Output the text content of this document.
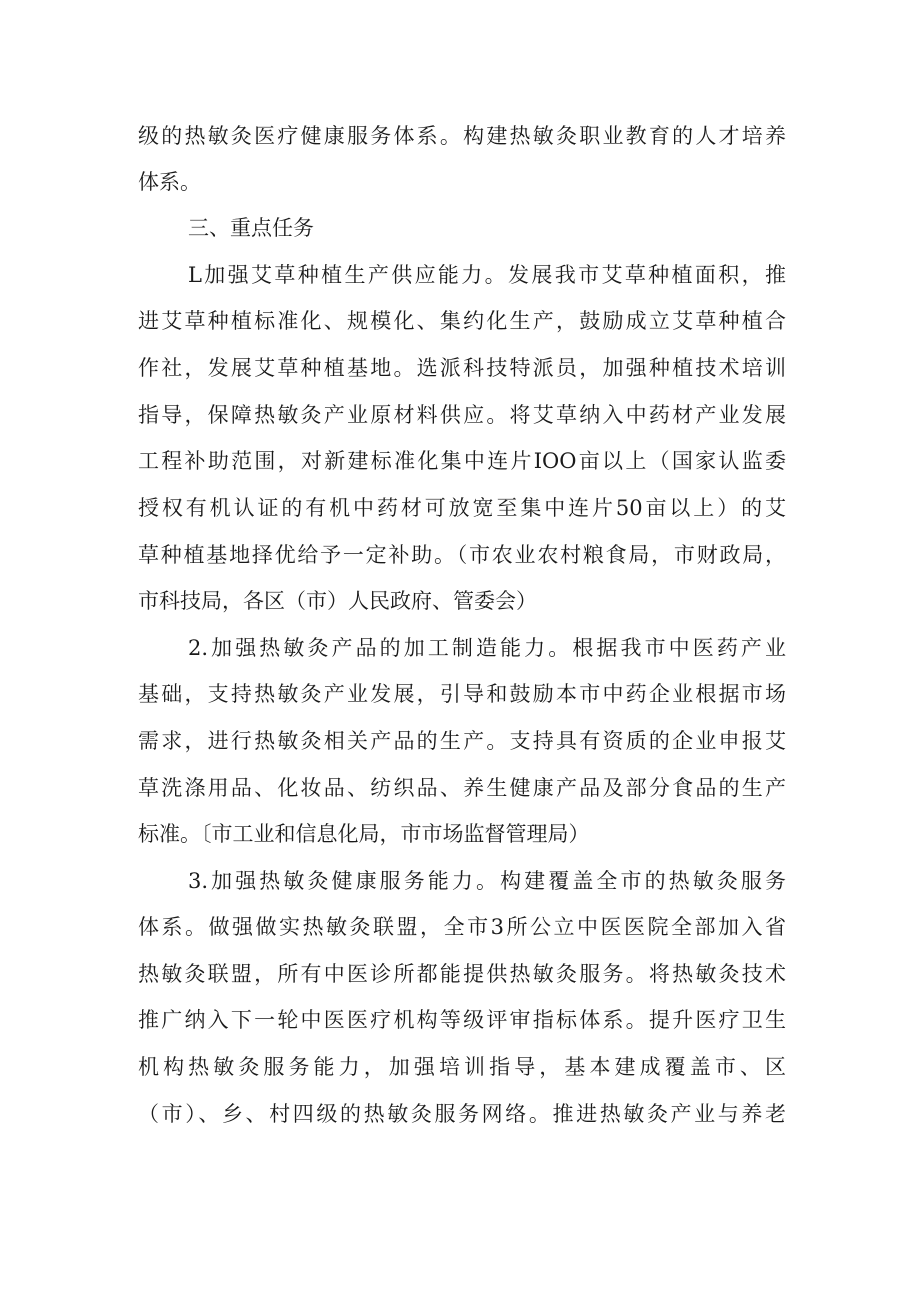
级的热敏灸医疗健康服务体系。构建热敏灸职业教育的人才培养
体系。
三、重点任务
L加强艾草种植生产供应能力。发展我市艾草种植面积，推
进艾草种植标准化、规模化、集约化生产，鼓励成立艾草种植合
作社，发展艾草种植基地。选派科技特派员，加强种植技术培训
指导，保障热敏灸产业原材料供应。将艾草纳入中药材产业发展
工程补助范围，对新建标准化集中连片IOO亩以上（国家认监委
授权有机认证的有机中药材可放宽至集中连片50亩以上）的艾
草种植基地择优给予一定补助。（市农业农村粮食局，市财政局，
市科技局，各区（市）人民政府、管委会）
2.加强热敏灸产品的加工制造能力。根据我市中医药产业
基础，支持热敏灸产业发展，引导和鼓励本市中药企业根据市场
需求，进行热敏灸相关产品的生产。支持具有资质的企业申报艾
草洗涤用品、化妆品、纺织品、养生健康产品及部分食品的生产
标准。〔市工业和信息化局，市市场监督管理局）
3.加强热敏灸健康服务能力。构建覆盖全市的热敏灸服务
体系。做强做实热敏灸联盟，全市3所公立中医医院全部加入省
热敏灸联盟，所有中医诊所都能提供热敏灸服务。将热敏灸技术
推广纳入下一轮中医医疗机构等级评审指标体系。提升医疗卫生
机构热敏灸服务能力，加强培训指导，基本建成覆盖市、区
（市）、乡、村四级的热敏灸服务网络。推进热敏灸产业与养老
